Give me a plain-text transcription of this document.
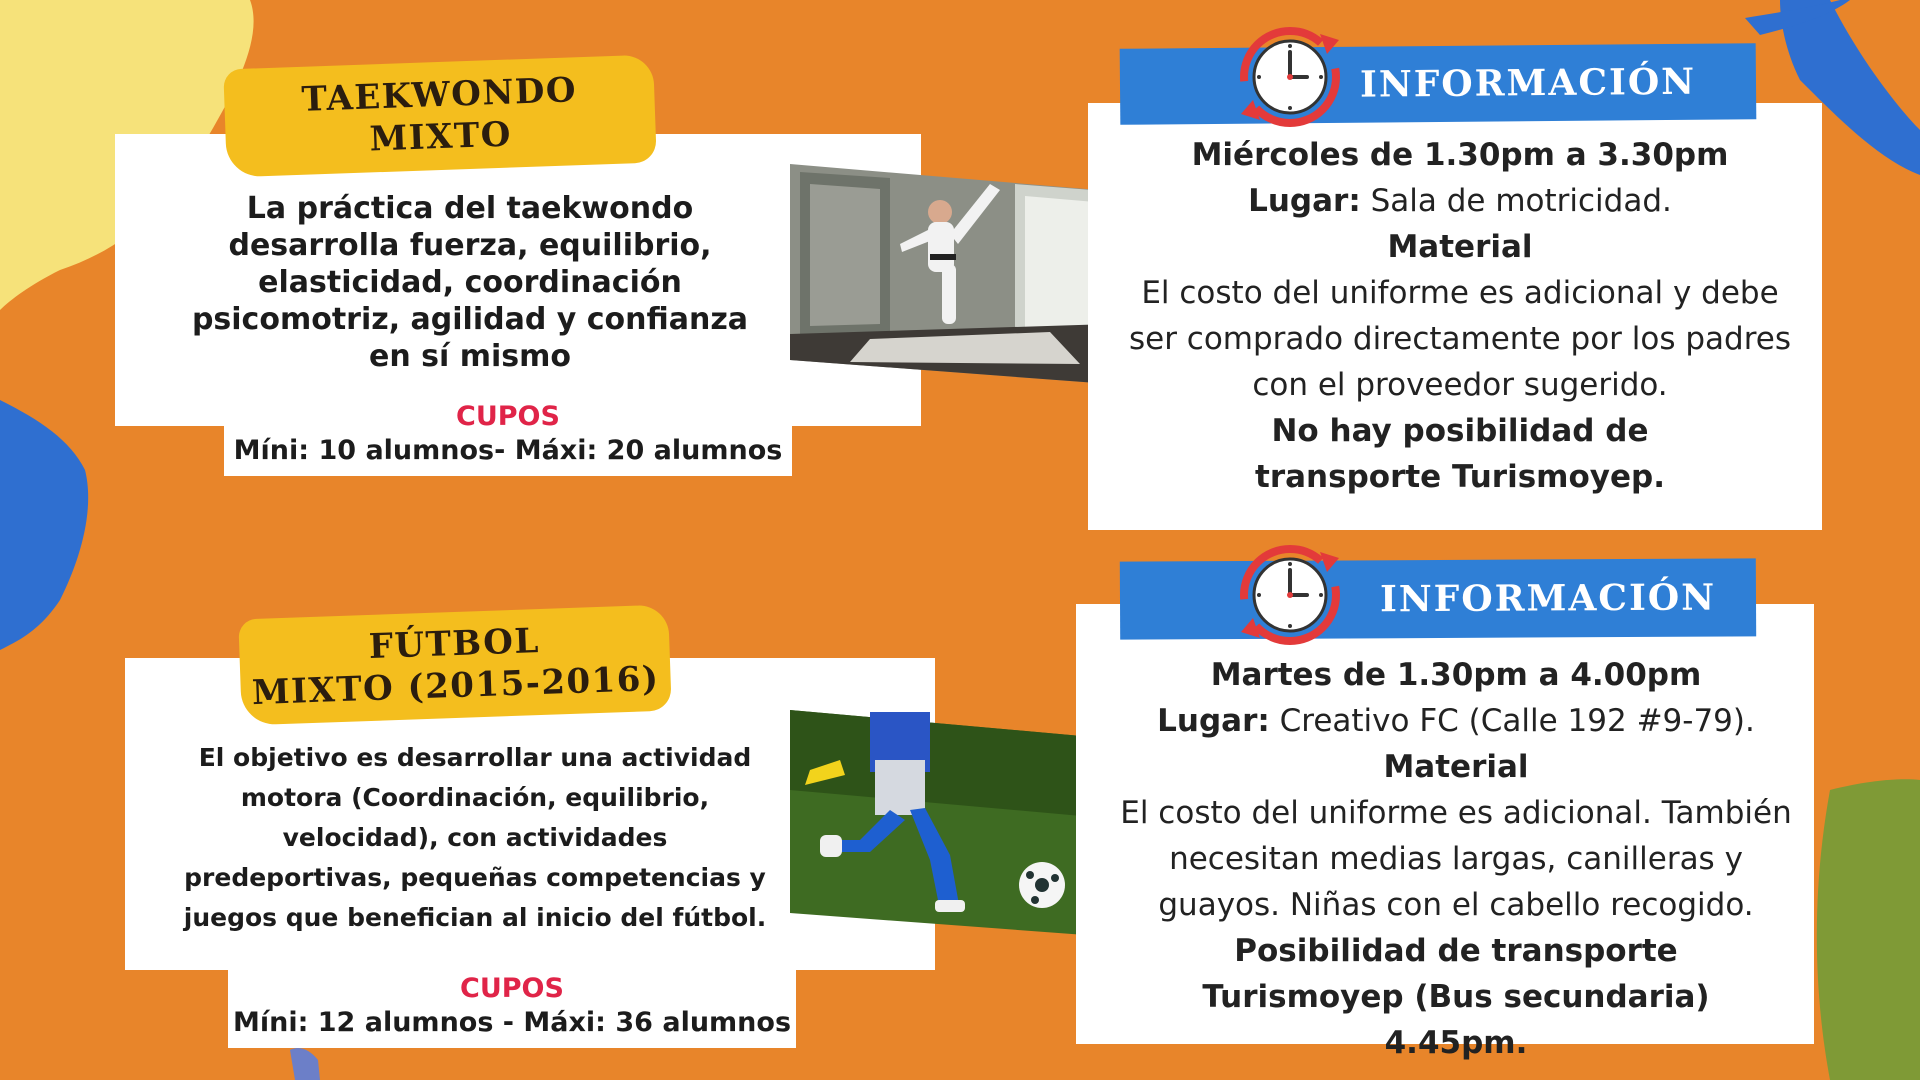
TAEKWONDO
MIXTO
La práctica del taekwondo desarrolla fuerza, equilibrio, elasticidad, coordinación psicomotriz, agilidad y confianza en sí mismo
CUPOS
Míni: 10 alumnos- Máxi: 20 alumnos
FÚTBOL
MIXTO (2015-2016)
El objetivo es desarrollar una actividad motora (Coordinación, equilibrio, velocidad), con actividades predeportivas, pequeñas competencias y juegos que benefician al inicio del fútbol.
CUPOS
Míni: 12 alumnos - Máxi: 36 alumnos
INFORMACIÓN

Miércoles de 1.30pm a 3.30pm

Lugar: Sala de motricidad.

Material

El costo del uniforme es adicional y debe ser comprado directamente por los padres con el proveedor sugerido.

No hay posibilidad de transporte Turismoyep.

INFORMACIÓN

Martes de 1.30pm a 4.00pm

Lugar: Creativo FC (Calle 192 #9-79).

Material

El costo del uniforme es adicional. También necesitan medias largas, canilleras y guayos. Niñas con el cabello recogido.

Posibilidad de transporte Turismoyep (Bus secundaria) 4.45pm.
